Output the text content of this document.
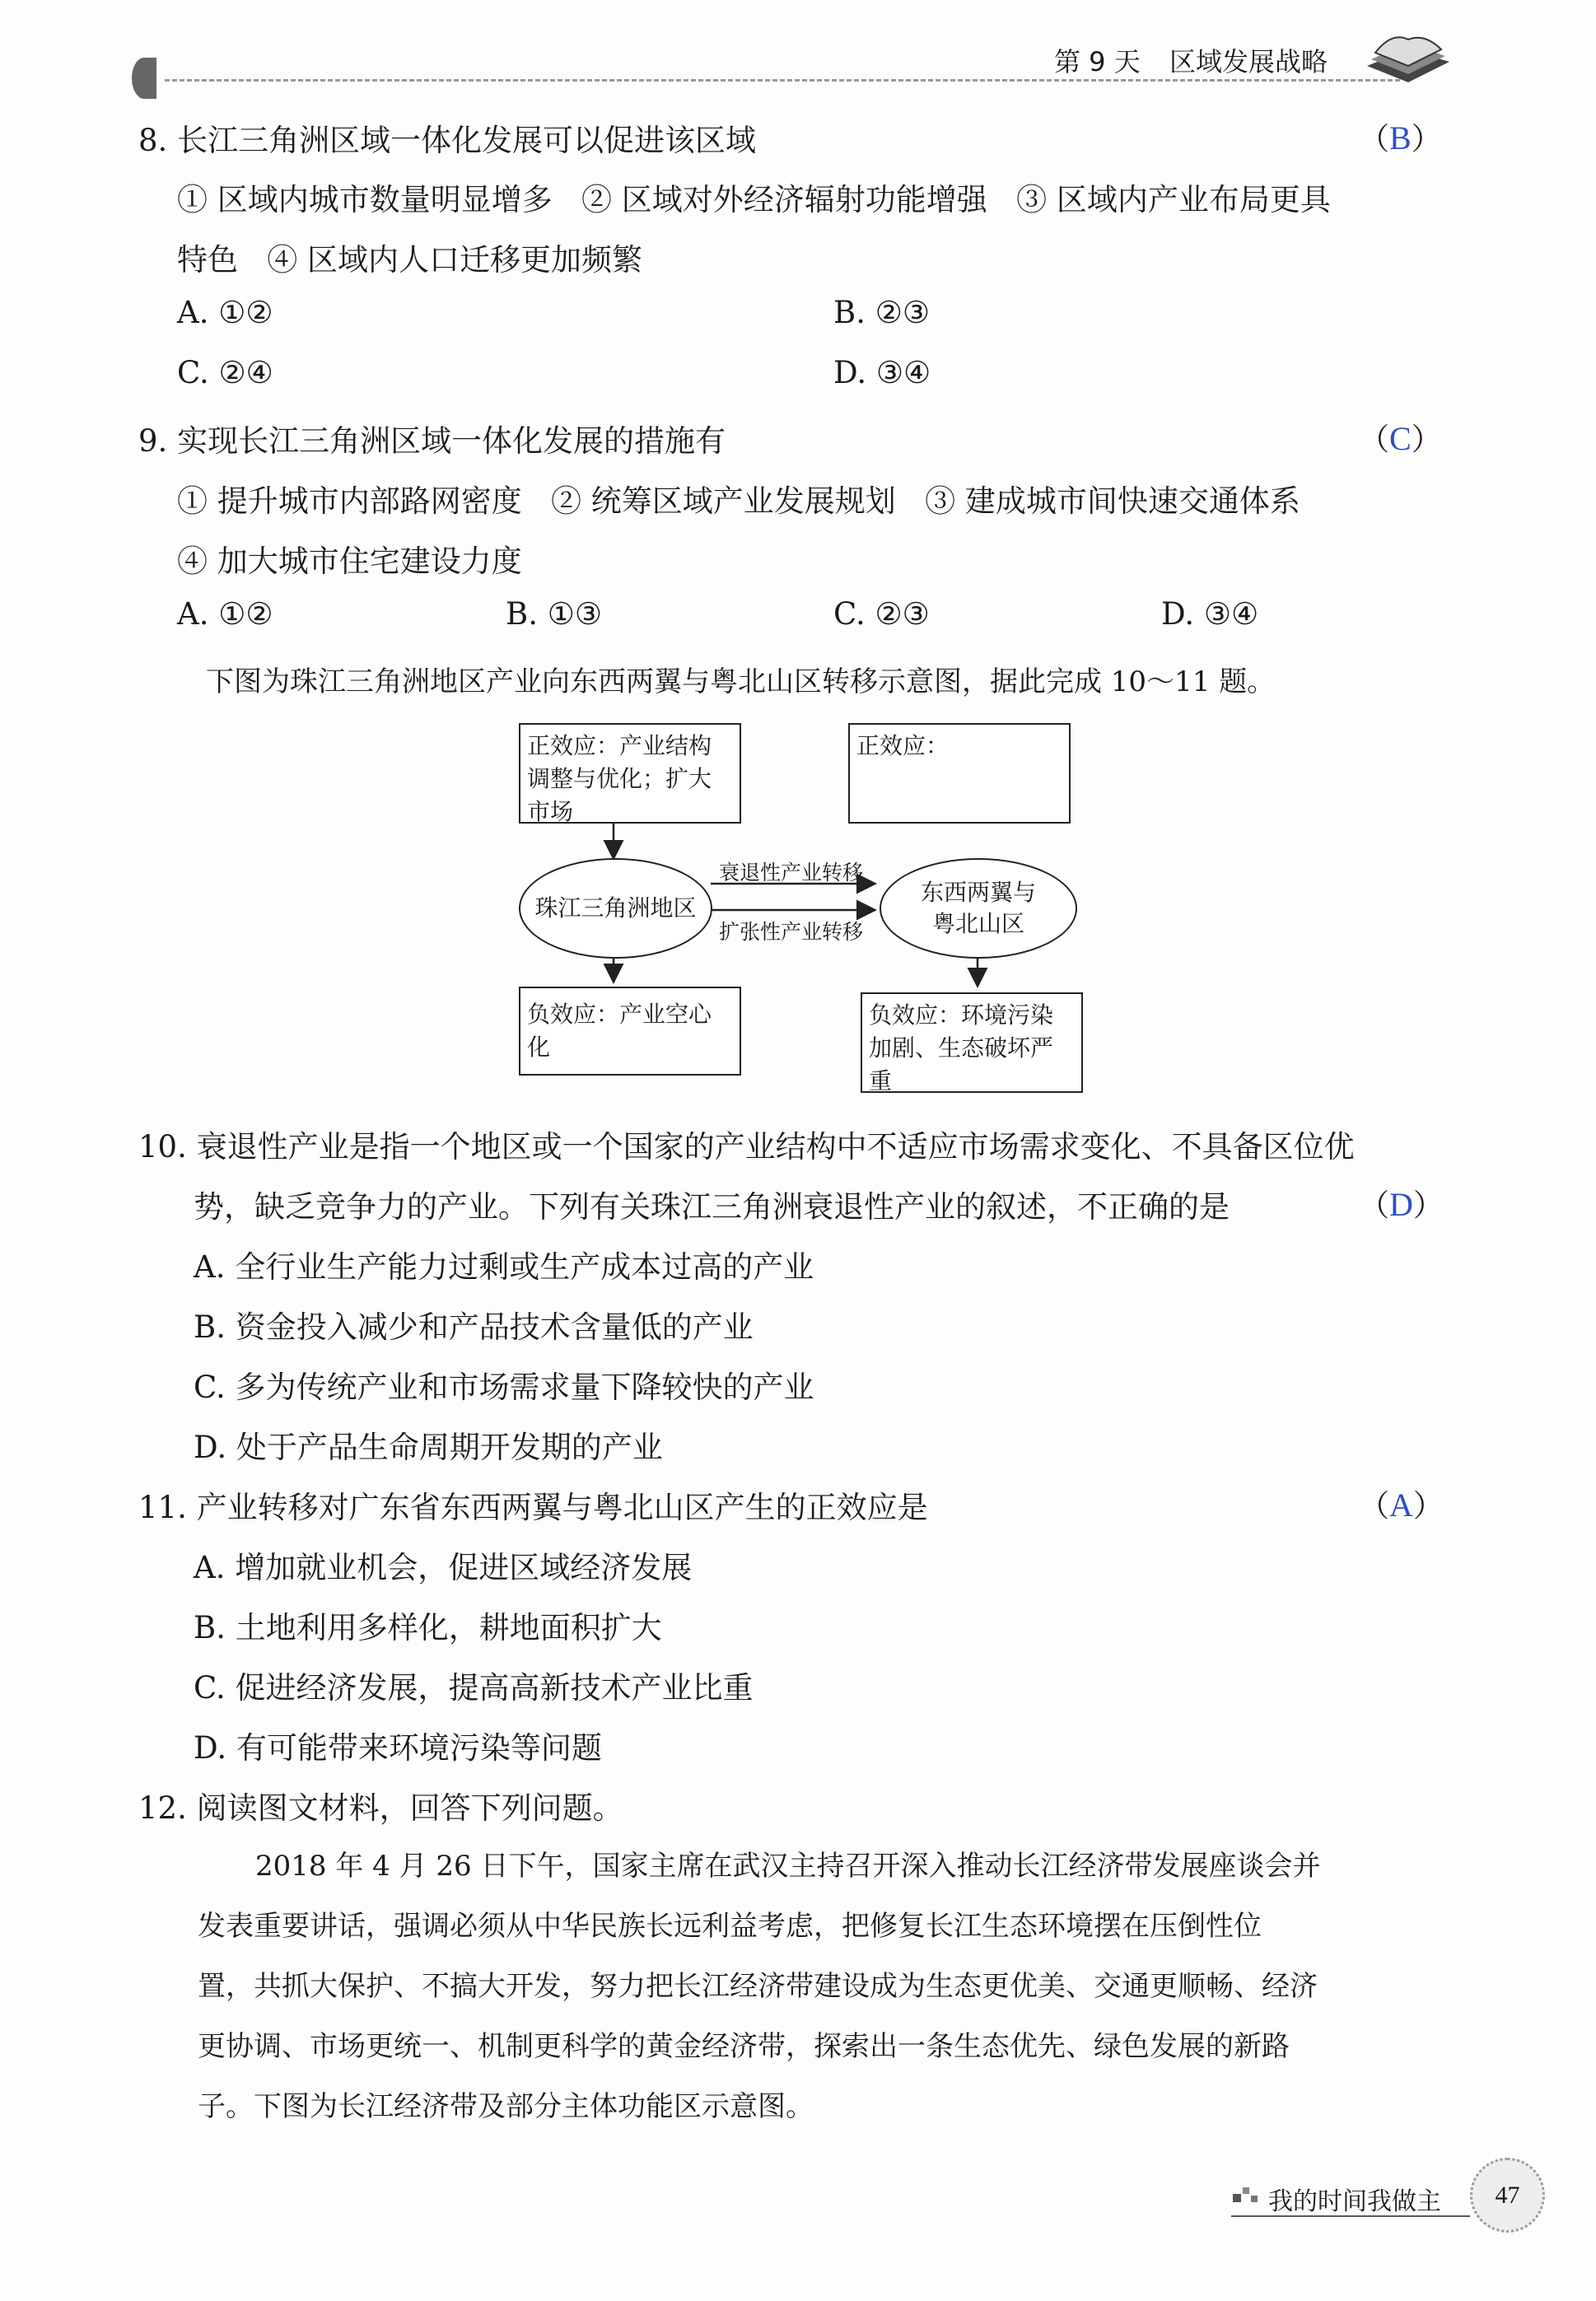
第 9 天 区域发展战略
8. 长江三角洲区域一体化发展可以促进该区域	（B）
① 区域内城市数量明显增多   ② 区域对外经济辐射功能增强   ③ 区域内产业布局更具
特色   ④ 区域内人口迁移更加频繁
A. ①②	B. ②③
C. ②④	D. ③④
9. 实现长江三角洲区域一体化发展的措施有	（C）
① 提升城市内部路网密度   ② 统筹区域产业发展规划   ③ 建成城市间快速交通体系
④ 加大城市住宅建设力度
A. ①②	B. ①③	C. ②③	D. ③④
下图为珠江三角洲地区产业向东西两翼与粤北山区转移示意图，据此完成 10～11 题。
正效应：产业结构调整与优化；扩大市场
正效应：
珠江三角洲地区
东西两翼与粤北山区
衰退性产业转移
扩张性产业转移
负效应：产业空心化
负效应：环境污染加剧、生态破坏严重
10. 衰退性产业是指一个地区或一个国家的产业结构中不适应市场需求变化、不具备区位优
势，缺乏竞争力的产业。下列有关珠江三角洲衰退性产业的叙述，不正确的是	（D）
A. 全行业生产能力过剩或生产成本过高的产业
B. 资金投入减少和产品技术含量低的产业
C. 多为传统产业和市场需求量下降较快的产业
D. 处于产品生命周期开发期的产业
11. 产业转移对广东省东西两翼与粤北山区产生的正效应是	（A）
A. 增加就业机会，促进区域经济发展
B. 土地利用多样化，耕地面积扩大
C. 促进经济发展，提高高新技术产业比重
D. 有可能带来环境污染等问题
12. 阅读图文材料，回答下列问题。
2018 年 4 月 26 日下午，国家主席在武汉主持召开深入推动长江经济带发展座谈会并
发表重要讲话，强调必须从中华民族长远利益考虑，把修复长江生态环境摆在压倒性位
置，共抓大保护、不搞大开发，努力把长江经济带建设成为生态更优美、交通更顺畅、经济
更协调、市场更统一、机制更科学的黄金经济带，探索出一条生态优先、绿色发展的新路
子。下图为长江经济带及部分主体功能区示意图。
我的时间我做主 47
